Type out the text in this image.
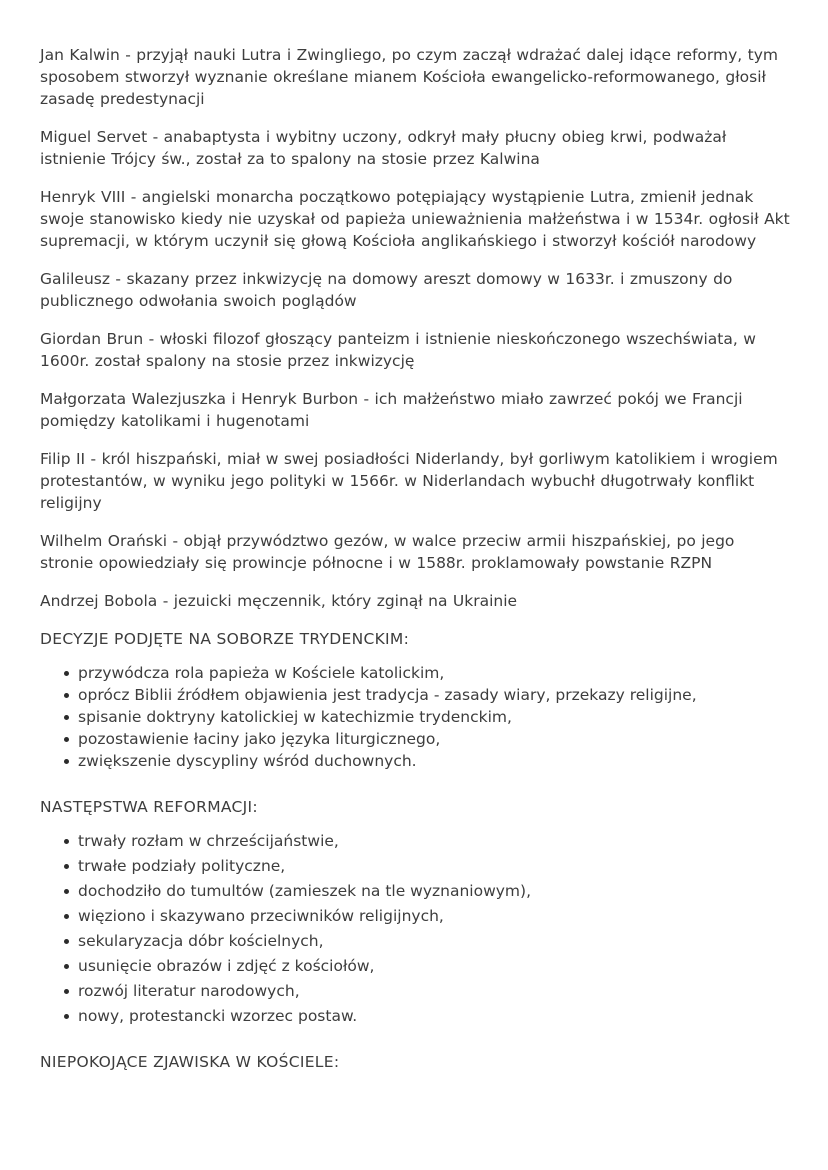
Jan Kalwin - przyjął nauki Lutra i Zwingliego, po czym zaczął wdrażać dalej idące reformy, tym sposobem stworzył wyznanie określane mianem Kościoła ewangelicko-reformowanego, głosił zasadę predestynacji

Miguel Servet - anabaptysta i wybitny uczony, odkrył mały płucny obieg krwi, podważał istnienie Trójcy św., został za to spalony na stosie przez Kalwina

Henryk VIII - angielski monarcha początkowo potępiający wystąpienie Lutra, zmienił jednak swoje stanowisko kiedy nie uzyskał od papieża unieważnienia małżeństwa i w 1534r. ogłosił Akt supremacji, w którym uczynił się głową Kościoła anglikańskiego i stworzył kościół narodowy

Galileusz - skazany przez inkwizycję na domowy areszt domowy w 1633r. i zmuszony do publicznego odwołania swoich poglądów

Giordan Brun - włoski filozof głoszący panteizm i istnienie nieskończonego wszechświata, w 1600r. został spalony na stosie przez inkwizycję

Małgorzata Walezjuszka i Henryk Burbon - ich małżeństwo miało zawrzeć pokój we Francji pomiędzy katolikami i hugenotami

Filip II - król hiszpański, miał w swej posiadłości Niderlandy, był gorliwym katolikiem i wrogiem protestantów, w wyniku jego polityki w 1566r. w Niderlandach wybuchł długotrwały konflikt religijny

Wilhelm Orański - objął przywództwo gezów, w walce przeciw armii hiszpańskiej, po jego stronie opowiedziały się prowincje północne i w 1588r. proklamowały powstanie RZPN

Andrzej Bobola - jezuicki męczennik, który zginął na Ukrainie

DECYZJE PODJĘTE NA SOBORZE TRYDENCKIM:
przywódcza rola papieża w Kościele katolickim,
oprócz Biblii źródłem objawienia jest tradycja - zasady wiary, przekazy religijne,
spisanie doktryny katolickiej w katechizmie trydenckim,
pozostawienie łaciny jako języka liturgicznego,
zwiększenie dyscypliny wśród duchownych.
NASTĘPSTWA REFORMACJI:
trwały rozłam w chrześcijaństwie,
trwałe podziały polityczne,
dochodziło do tumultów (zamieszek na tle wyznaniowym),
więziono i skazywano przeciwników religijnych,
sekularyzacja dóbr kościelnych,
usunięcie obrazów i zdjęć z kościołów,
rozwój literatur narodowych,
nowy, protestancki wzorzec postaw.
NIEPOKOJĄCE ZJAWISKA W KOŚCIELE:
